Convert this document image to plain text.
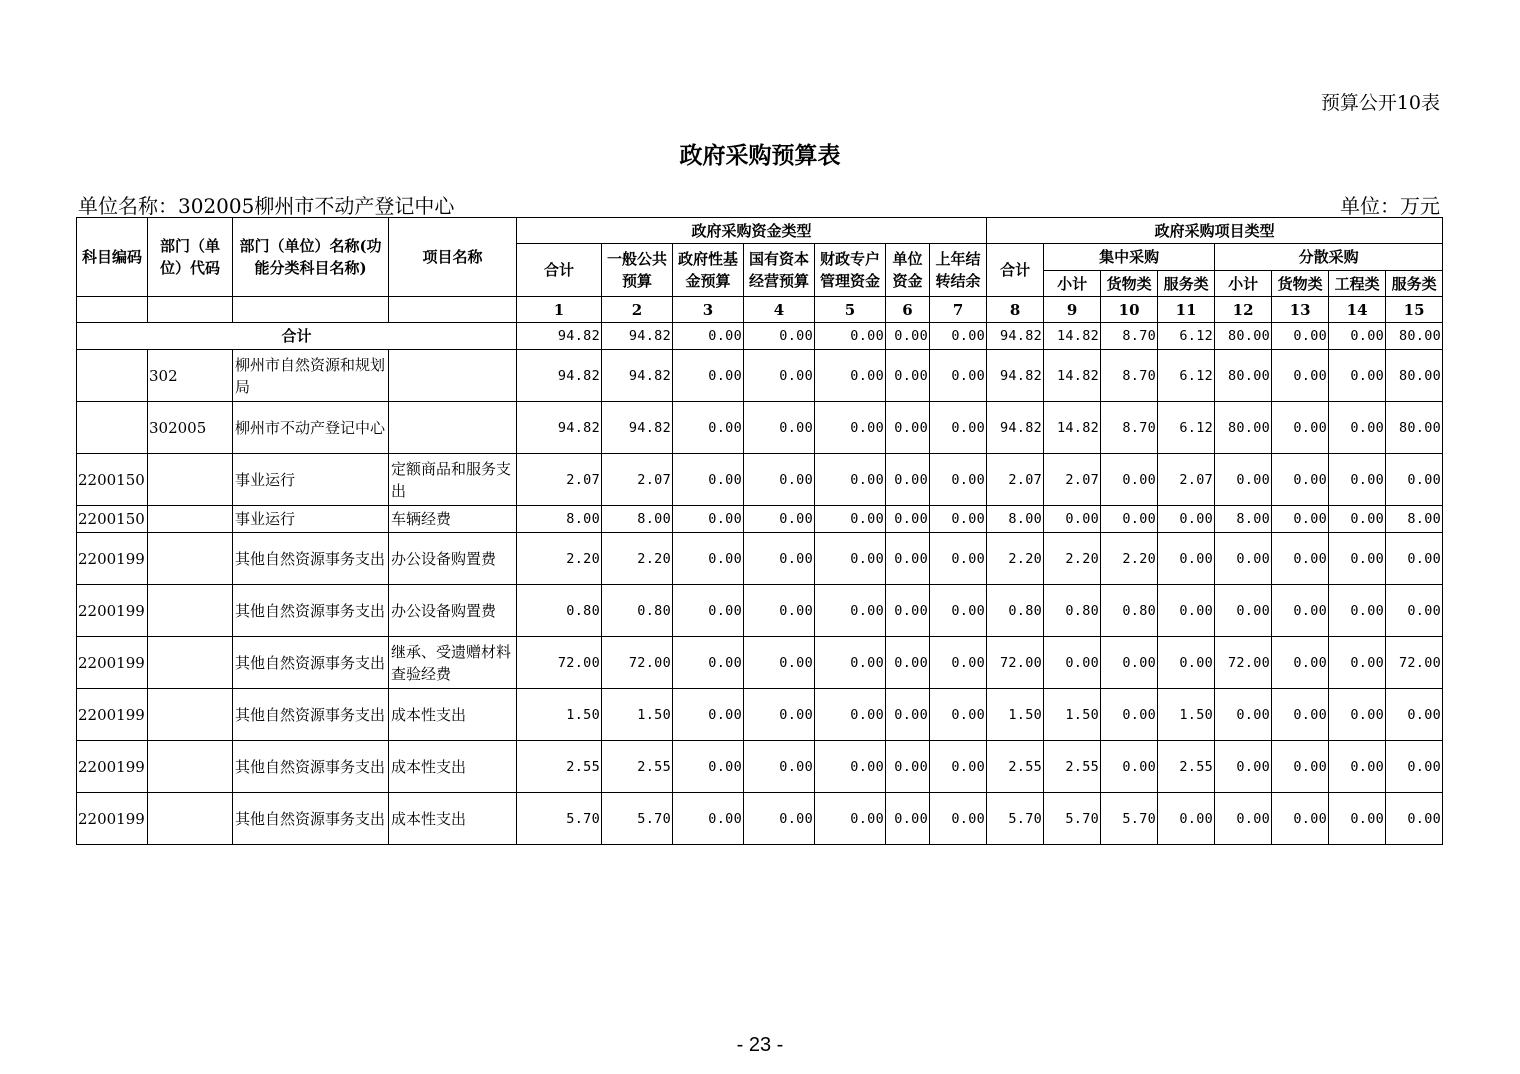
预算公开10表
政府采购预算表
单位名称：302005柳州市不动产登记中心	单位：万元
科目编码	部门（单位）代码	部门（单位）名称(功能分类科目名称)	项目名称	政府采购资金类型							政府采购项目类型							
				合计	一般公共预算	政府性基金预算	国有资本经营预算	财政专户管理资金	单位资金	上年结转结余	合计	集中采购			分散采购			
												小计	货物类	服务类	小计	货物类	工程类	服务类
				1	2	3	4	5	6	7	8	9	10	11	12	13	14	15
合计				94.82	94.82	0.00	0.00	0.00	0.00	0.00	94.82	14.82	8.70	6.12	80.00	0.00	0.00	80.00

	302	柳州市自然资源和规划局		94.82	94.82	0.00	0.00	0.00	0.00	0.00	94.82	14.82	8.70	6.12	80.00	0.00	0.00	80.00

	302005	柳州市不动产登记中心		94.82	94.82	0.00	0.00	0.00	0.00	0.00	94.82	14.82	8.70	6.12	80.00	0.00	0.00	80.00

2200150		事业运行	定额商品和服务支出	2.07	2.07	0.00	0.00	0.00	0.00	0.00	2.07	2.07	0.00	2.07	0.00	0.00	0.00	0.00

2200150		事业运行	车辆经费	8.00	8.00	0.00	0.00	0.00	0.00	0.00	8.00	0.00	0.00	0.00	8.00	0.00	0.00	8.00

2200199		其他自然资源事务支出	办公设备购置费	2.20	2.20	0.00	0.00	0.00	0.00	0.00	2.20	2.20	2.20	0.00	0.00	0.00	0.00	0.00

2200199		其他自然资源事务支出	办公设备购置费	0.80	0.80	0.00	0.00	0.00	0.00	0.00	0.80	0.80	0.80	0.00	0.00	0.00	0.00	0.00

2200199		其他自然资源事务支出	继承、受遗赠材料查验经费	72.00	72.00	0.00	0.00	0.00	0.00	0.00	72.00	0.00	0.00	0.00	72.00	0.00	0.00	72.00

2200199		其他自然资源事务支出	成本性支出	1.50	1.50	0.00	0.00	0.00	0.00	0.00	1.50	1.50	0.00	1.50	0.00	0.00	0.00	0.00

2200199		其他自然资源事务支出	成本性支出	2.55	2.55	0.00	0.00	0.00	0.00	0.00	2.55	2.55	0.00	2.55	0.00	0.00	0.00	0.00

2200199		其他自然资源事务支出	成本性支出	5.70	5.70	0.00	0.00	0.00	0.00	0.00	5.70	5.70	5.70	0.00	0.00	0.00	0.00	0.00
- 23 -
